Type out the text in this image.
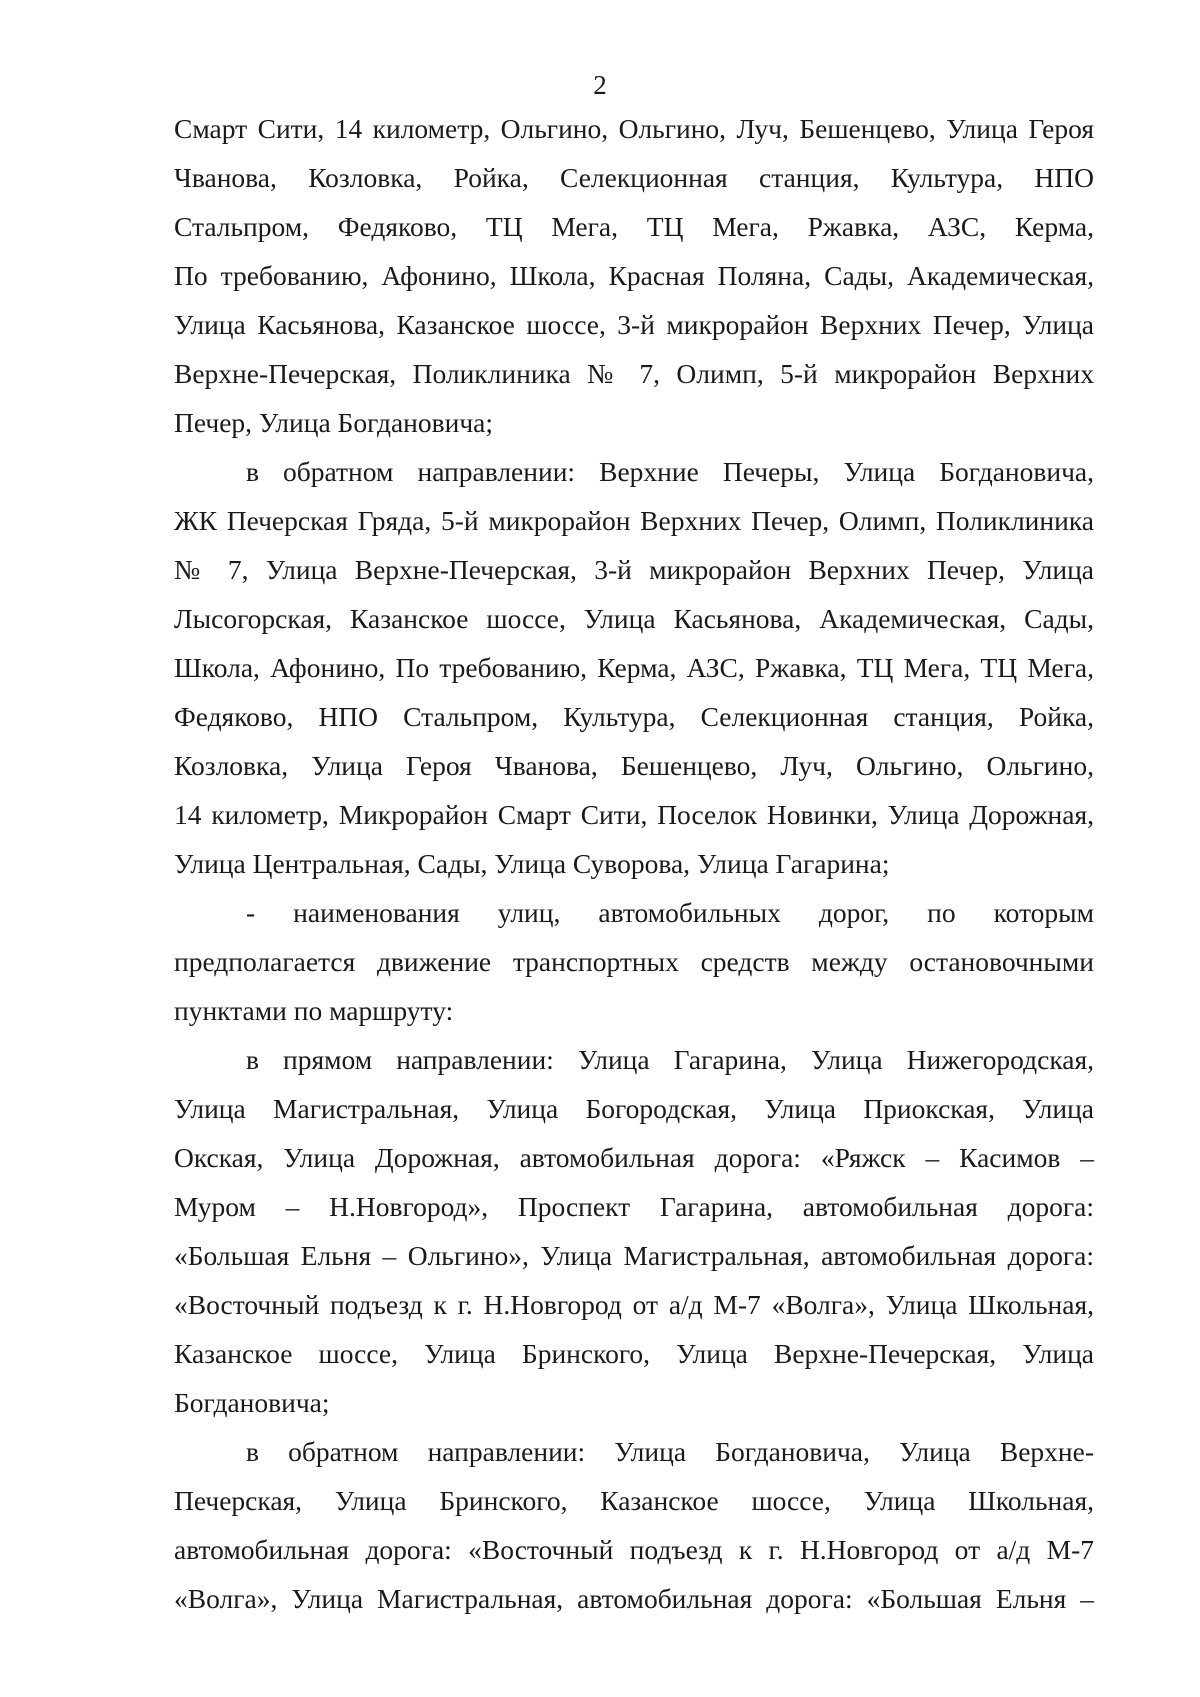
2

Смарт Сити, 14 километр, Ольгино, Ольгино, Луч, Бешенцево, Улица Героя
Чванова, Козловка, Ройка, Селекционная станция, Культура, НПО
Стальпром, Федяково, ТЦ Мега, ТЦ Мега, Ржавка, АЗС, Керма,
По требованию, Афонино, Школа, Красная Поляна, Сады, Академическая,
Улица Касьянова, Казанское шоссе, 3-й микрорайон Верхних Печер, Улица
Верхне-Печерская, Поликлиника № 7, Олимп, 5-й микрорайон Верхних
Печер, Улица Богдановича;

в обратном направлении: Верхние Печеры, Улица Богдановича,
ЖК Печерская Гряда, 5-й микрорайон Верхних Печер, Олимп, Поликлиника
№ 7, Улица Верхне-Печерская, 3-й микрорайон Верхних Печер, Улица
Лысогорская, Казанское шоссе, Улица Касьянова, Академическая, Сады,
Школа, Афонино, По требованию, Керма, АЗС, Ржавка, ТЦ Мега, ТЦ Мега,
Федяково, НПО Стальпром, Культура, Селекционная станция, Ройка,
Козловка, Улица Героя Чванова, Бешенцево, Луч, Ольгино, Ольгино,
14 километр, Микрорайон Смарт Сити, Поселок Новинки, Улица Дорожная,
Улица Центральная, Сады, Улица Суворова, Улица Гагарина;

- наименования улиц, автомобильных дорог, по которым
предполагается движение транспортных средств между остановочными
пунктами по маршруту:

в прямом направлении: Улица Гагарина, Улица Нижегородская,
Улица Магистральная, Улица Богородская, Улица Приокская, Улица
Окская, Улица Дорожная, автомобильная дорога: «Ряжск – Касимов –
Муром – Н.Новгород», Проспект Гагарина, автомобильная дорога:
«Большая Ельня – Ольгино», Улица Магистральная, автомобильная дорога:
«Восточный подъезд к г. Н.Новгород от а/д М-7 «Волга», Улица Школьная,
Казанское шоссе, Улица Бринского, Улица Верхне-Печерская, Улица
Богдановича;

в обратном направлении: Улица Богдановича, Улица Верхне-
Печерская, Улица Бринского, Казанское шоссе, Улица Школьная,
автомобильная дорога: «Восточный подъезд к г. Н.Новгород от а/д М-7
«Волга», Улица Магистральная, автомобильная дорога: «Большая Ельня –
